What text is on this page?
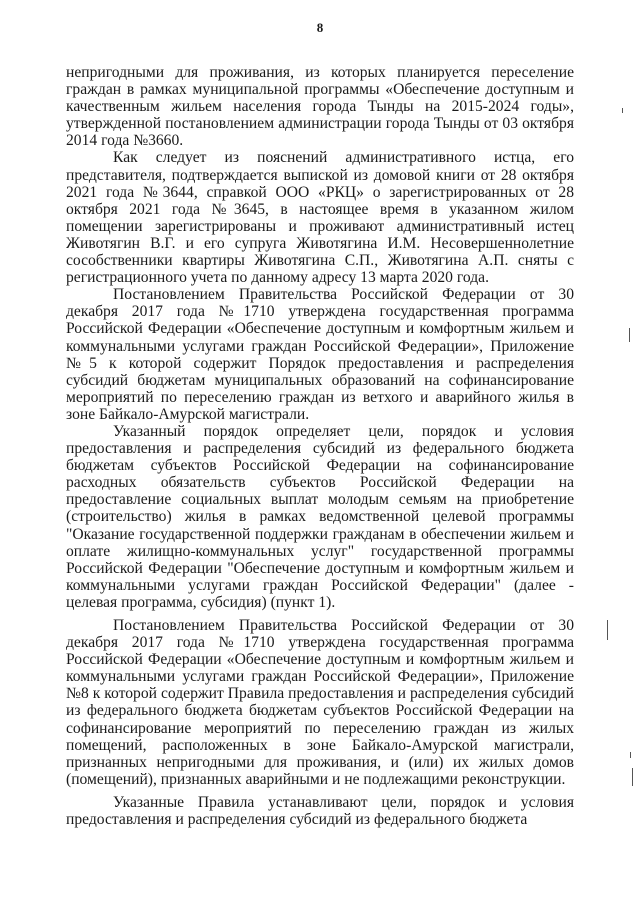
8

непригодными для проживания, из которых планируется переселение граждан в рамках муниципальной программы «Обеспечение доступным и качественным жильем населения города Тынды на 2015-2024 годы», утвержденной постановлением администрации города Тынды от 03 октября 2014 года №3660.

Как следует из пояснений административного истца, его представителя, подтверждается выпиской из домовой книги от 28 октября 2021 года №3644, справкой ООО «РКЦ» о зарегистрированных от 28 октября 2021 года №3645, в настоящее время в указанном жилом помещении зарегистрированы и проживают административный истец Животягин В.Г. и его супруга Животягина И.М. Несовершеннолетние сособственники квартиры Животягина С.П., Животягина А.П. сняты с регистрационного учета по данному адресу 13 марта 2020 года.

Постановлением Правительства Российской Федерации от 30 декабря 2017 года №1710 утверждена государственная программа Российской Федерации «Обеспечение доступным и комфортным жильем и коммунальными услугами граждан Российской Федерации», Приложение №5 к которой содержит Порядок предоставления и распределения субсидий бюджетам муниципальных образований на софинансирование мероприятий по переселению граждан из ветхого и аварийного жилья в зоне Байкало-Амурской магистрали.

Указанный порядок определяет цели, порядок и условия предоставления и распределения субсидий из федерального бюджета бюджетам субъектов Российской Федерации на софинансирование расходных обязательств субъектов Российской Федерации на предоставление социальных выплат молодым семьям на приобретение (строительство) жилья в рамках ведомственной целевой программы "Оказание государственной поддержки гражданам в обеспечении жильем и оплате жилищно-коммунальных услуг" государственной программы Российской Федерации "Обеспечение доступным и комфортным жильем и коммунальными услугами граждан Российской Федерации" (далее - целевая программа, субсидия) (пункт 1).

Постановлением Правительства Российской Федерации от 30 декабря 2017 года №1710 утверждена государственная программа Российской Федерации «Обеспечение доступным и комфортным жильем и коммунальными услугами граждан Российской Федерации», Приложение №8 к которой содержит Правила предоставления и распределения субсидий из федерального бюджета бюджетам субъектов Российской Федерации на софинансирование мероприятий по переселению граждан из жилых помещений, расположенных в зоне Байкало-Амурской магистрали, признанных непригодными для проживания, и (или) их жилых домов (помещений), признанных аварийными и не подлежащими реконструкции.

Указанные Правила устанавливают цели, порядок и условия предоставления и распределения субсидий из федерального бюджета
